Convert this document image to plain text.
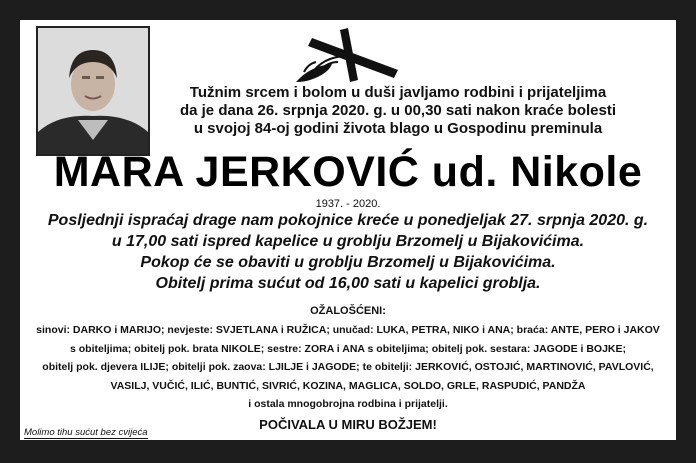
Tužnim srcem i bolom u duši javljamo rodbini i prijateljima
da je dana 26. srpnja 2020. g. u 00,30 sati nakon kraće bolesti
u svojoj 84-oj godini života blago u Gospodinu preminula
MARA JERKOVIĆ ud. Nikole
1937. - 2020.
Posljednji ispraćaj drage nam pokojnice kreće u ponedjeljak 27. srpnja 2020. g.
u 17,00 sati ispred kapelice u groblju Brzomelj u Bijakovićima.
Pokop će se obaviti u groblju Brzomelj u Bijakovićima.
Obitelj prima sućut od 16,00 sati u kapelici groblja.
OŽALOŠĆENI:
sinovi: DARKO i MARIJO; nevjeste: SVJETLANA i RUŽICA; unučad: LUKA, PETRA, NIKO i ANA; braća: ANTE, PERO i JAKOV
s obiteljima; obitelj pok. brata NIKOLE; sestre: ZORA i ANA s obiteljima; obitelj pok. sestara: JAGODE i BOJKE;
obitelj pok. djevera ILIJE; obitelji pok. zaova: LJILJE i JAGODE; te obitelji: JERKOVIĆ, OSTOJIĆ, MARTINOVIĆ, PAVLOVIĆ,
VASILJ, VUČIĆ, ILIĆ, BUNTIĆ, SIVRIĆ, KOZINA, MAGLICA, SOLDO, GRLE, RASPUDIĆ, PANDŽA
i ostala mnogobrojna rodbina i prijatelji.
POČIVALA U MIRU BOŽJEM!
Molimo tihu sućut bez cvijeća
